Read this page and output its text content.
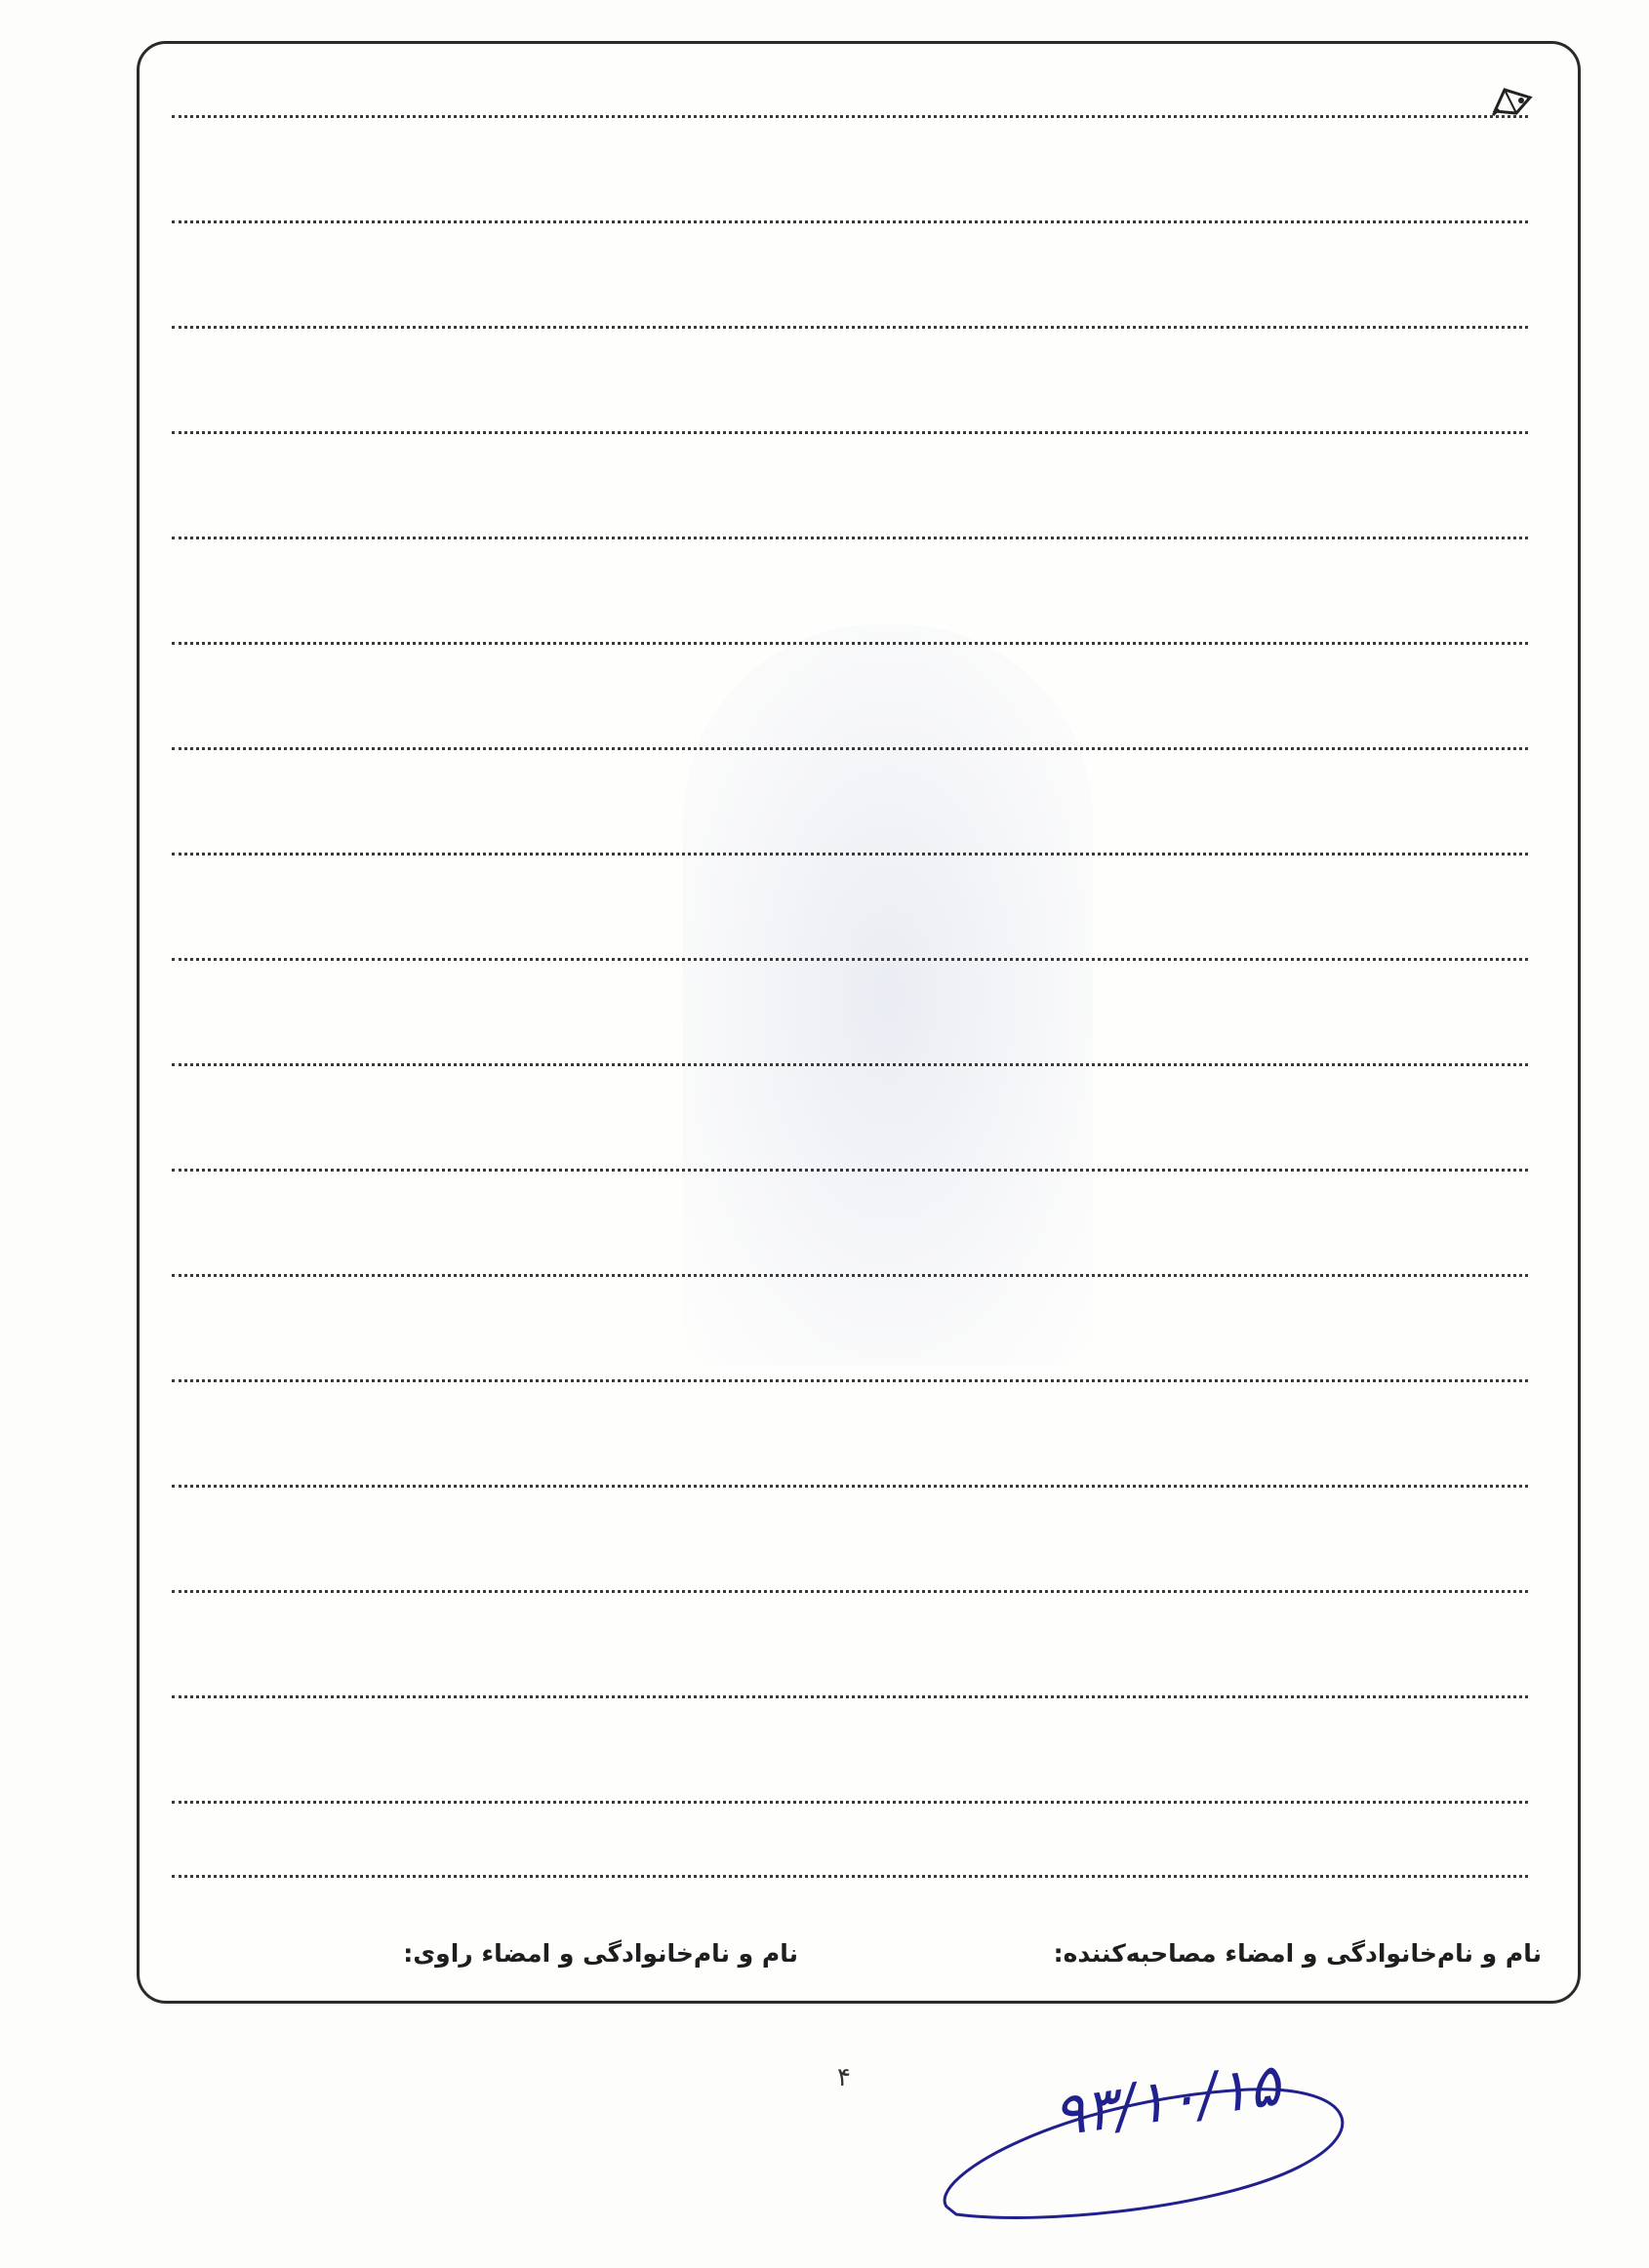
نام و نام‌خانوادگی و امضاء مصاحبه‌کننده:
نام و نام‌خانوادگی و امضاء راوی:
۴	۹۳/۱۰/۱۵
